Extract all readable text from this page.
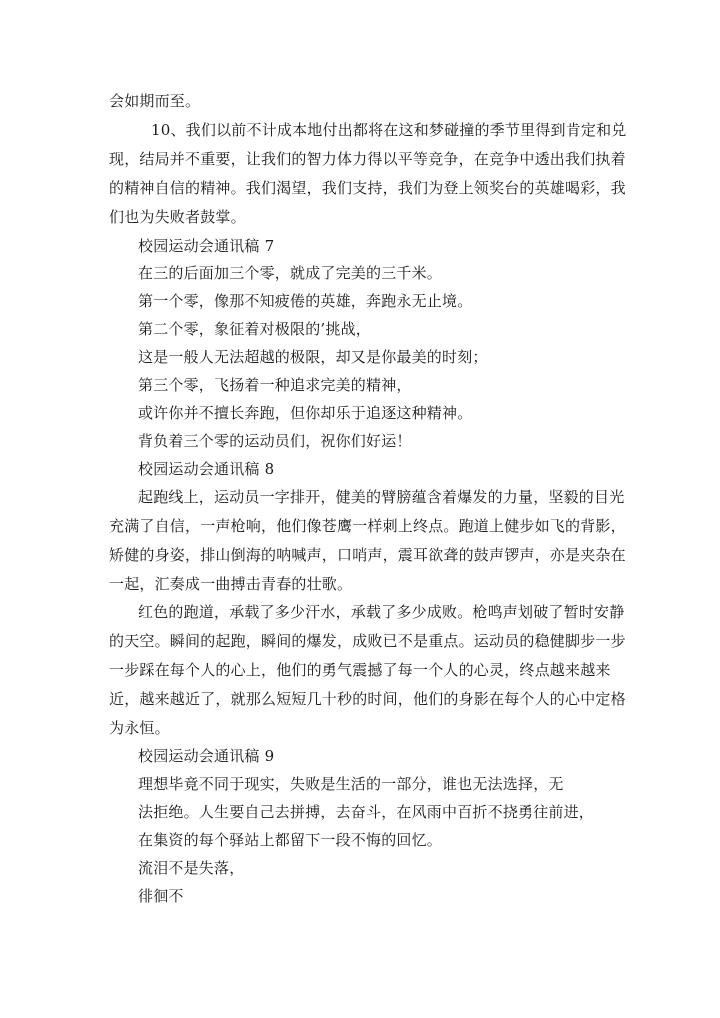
会如期而至。
10、我们以前不计成本地付出都将在这和梦碰撞的季节里得到肯定和兑
现，结局并不重要，让我们的智力体力得以平等竞争，在竞争中透出我们执着
的精神自信的精神。我们渴望，我们支持，我们为登上领奖台的英雄喝彩，我
们也为失败者鼓掌。
校园运动会通讯稿 7
在三的后面加三个零，就成了完美的三千米。
第一个零，像那不知疲倦的英雄，奔跑永无止境。
第二个零，象征着对极限的’挑战，
这是一般人无法超越的极限，却又是你最美的时刻；
第三个零，飞扬着一种追求完美的精神，
或许你并不擅长奔跑，但你却乐于追逐这种精神。
背负着三个零的运动员们，祝你们好运！
校园运动会通讯稿 8
起跑线上，运动员一字排开，健美的臂膀蕴含着爆发的力量，坚毅的目光
充满了自信，一声枪响，他们像苍鹰一样刺上终点。跑道上健步如飞的背影，
矫健的身姿，排山倒海的呐喊声，口哨声，震耳欲聋的鼓声锣声，亦是夹杂在
一起，汇奏成一曲搏击青春的壮歌。
红色的跑道，承载了多少汗水，承载了多少成败。枪鸣声划破了暂时安静
的天空。瞬间的起跑，瞬间的爆发，成败已不是重点。运动员的稳健脚步一步
一步踩在每个人的心上，他们的勇气震撼了每一个人的心灵，终点越来越来
近，越来越近了，就那么短短几十秒的时间，他们的身影在每个人的心中定格
为永恒。
校园运动会通讯稿 9
理想毕竟不同于现实，失败是生活的一部分，谁也无法选择，无
法拒绝。人生要自己去拼搏，去奋斗，在风雨中百折不挠勇往前进，
在集资的每个驿站上都留下一段不悔的回忆。
流泪不是失落，
徘徊不
